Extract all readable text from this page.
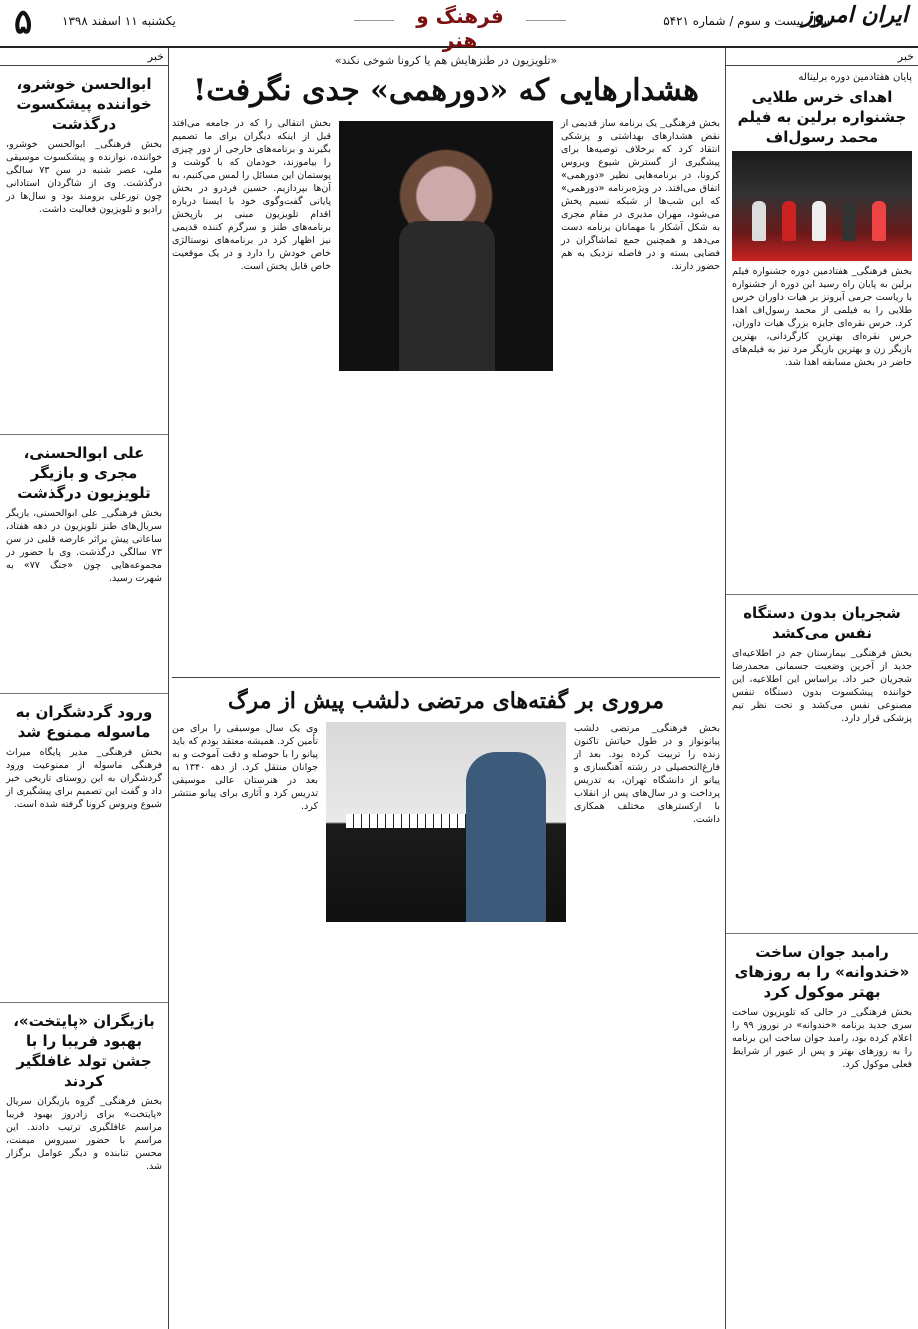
۵ یکشنبه ۱۱ اسفند ۱۳۹۸	فرهنگ و هنر
سال بیست و سوم / شماره ۵۴۲۱
ایران امروز
خبر
پایان هفتادمین دوره برلیناله
اهدای خرس طلایی جشنواره برلین به فیلم محمد رسول‌اف

بخش فرهنگی_ هفتادمین دوره جشنواره فیلم برلین به پایان راه رسید این دوره از جشنواره با ریاست جرمی آیرونز بر هیات داوران خرس طلایی را به فیلمی از محمد رسول‌اف اهدا کرد. خرس نقره‌ای جایزه بزرگ هیات داوران، خرس نقره‌ای بهترین کارگردانی، بهترین بازیگر زن و بهترین بازیگر مرد نیز به فیلم‌های حاضر در بخش مسابقه اهدا شد.

شجریان بدون دستگاه نفس می‌کشد

بخش فرهنگی_ بیمارستان جم در اطلاعیه‌ای جدید از آخرین وضعیت جسمانی محمدرضا شجریان خبر داد. براساس این اطلاعیه، این خواننده پیشکسوت بدون دستگاه تنفس مصنوعی نفس می‌کشد و تحت نظر تیم پزشکی قرار دارد.

رامبد جوان ساخت «خندوانه» را به روزهای بهتر موکول کرد

بخش فرهنگی_ در حالی که تلویزیون ساخت سری جدید برنامه «خندوانه» در نوروز ۹۹ را اعلام کرده بود، رامبد جوان ساخت این برنامه را به روزهای بهتر و پس از عبور از شرایط فعلی موکول کرد.

«تلویزیون در طنزها‌یش هم یا کرونا شوخی نکند»
هشدارهایی که «دورهمی» جدی نگرفت!

بخش فرهنگی_ یک برنامه ساز قدیمی از نقض هشدارهای بهداشتی و پزشکی انتقاد کرد که برخلاف توصیه‌ها برای پیشگیری از گسترش شیوع ویروس کرونا، در برنامه‌هایی نظیر «دورهمی» اتفاق می‌افتد. در ویژه‌برنامه «دورهمی» که این شب‌ها از شبکه نسیم پخش می‌شود، مهران مدیری در مقام مجری به شکل آشکار با مهمانان برنامه دست می‌دهد و همچنین جمع تماشاگران در فضایی بسته و در فاصله نزدیک به هم حضور دارند.

بخش انتقالی را که در جامعه می‌افتد قبل از اینکه دیگران برای ما تصمیم بگیرند و برنامه‌های خارجی از دور چیزی را بیاموزند، خودمان که با گوشت و پوستمان این مسائل را لمس می‌کنیم، به آن‌ها بپردازیم. حسین فردرو در بخش پایانی گفت‌وگوی خود با ایسنا درباره اقدام تلویزیون مبنی بر بازپخش برنامه‌های طنز و سرگرم کننده قدیمی نیز اظهار کرد در برنامه‌های نوستالژی خاص خودش را دارد و در یک موقعیت خاص قابل پخش است.

مروری بر گفته‌های مرتضی دلشب پیش از مرگ

بخش فرهنگی_ مرتضی دلشب پیانونواز و در طول حیاتش تاکنون زنده را تربیت کرده بود. بعد از فارغ‌التحصیلی در رشته آهنگسازی و پیانو از دانشگاه تهران، به تدریس پرداخت و در سال‌های پس از انقلاب با ارکسترهای مختلف همکاری داشت.

وی یک سال موسیقی را برای من تأمین کرد. همیشه معتقد بودم که باید پیانو را با حوصله و دقت آموخت و به جوانان منتقل کرد. از دهه ۱۳۴۰ به بعد در هنرستان عالی موسیقی تدریس کرد و آثاری برای پیانو منتشر کرد.

خبر
ابوالحسن خوشرو، خواننده پیشکسوت درگذشت

بخش فرهنگی_ ابوالحسن خوشرو، خواننده، نوازنده و پیشکسوت موسیقی ملی، عصر شنبه در سن ۷۳ سالگی درگذشت. وی از شاگردان استادانی چون نورعلی برومند بود و سال‌ها در رادیو و تلویزیون فعالیت داشت.

علی ابوالحسنی، مجری و بازیگر تلویزیون درگذشت

بخش فرهنگی_ علی ابوالحسنی، بازیگر سریال‌های طنز تلویزیون در دهه هفتاد، ساعاتی پیش براثر عارضه قلبی در سن ۷۳ سالگی درگذشت. وی با حضور در مجموعه‌هایی چون «جنگ ۷۷» به شهرت رسید.

ورود گردشگران به ماسوله ممنوع شد

بخش فرهنگی_ مدیر پایگاه میراث فرهنگی ماسوله از ممنوعیت ورود گردشگران به این روستای تاریخی خبر داد و گفت این تصمیم برای پیشگیری از شیوع ویروس کرونا گرفته شده است.

بازیگران «پایتخت»، بهبود فریبا را با جشن تولد غافلگیر کردند

بخش فرهنگی_ گروه بازیگران سریال «پایتخت» برای زادروز بهبود فریبا مراسم غافلگیری ترتیب دادند. این مراسم با حضور سیروس میمنت، محسن تنابنده و دیگر عوامل برگزار شد.
